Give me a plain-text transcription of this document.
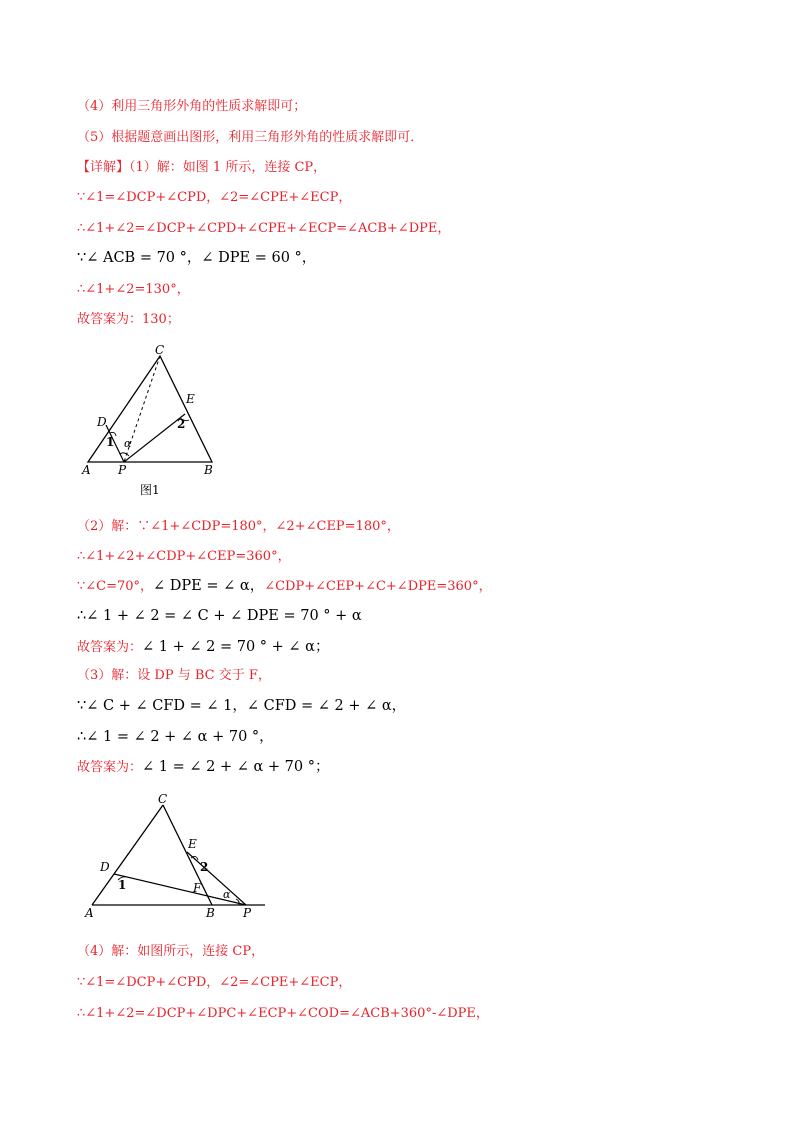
（4）利用三角形外角的性质求解即可；
（5）根据题意画出图形，利用三角形外角的性质求解即可．
【详解】（1）解：如图 1 所示，连接 CP，
∵∠1=∠DCP+∠CPD，∠2=∠CPE+∠ECP，
∴∠1+∠2=∠DCP+∠CPD+∠CPE+∠ECP=∠ACB+∠DPE，
∵∠ ACB = 70 °，∠ DPE = 60 °，
∴∠1+∠2=130°，
故答案为：130；
C
E
D
1
2
α
A P	B
图1
（2）解：∵∠1+∠CDP=180°，∠2+∠CEP=180°，
∴∠1+∠2+∠CDP+∠CEP=360°，
∵∠C=70°，∠ DPE = ∠ α，∠CDP+∠CEP+∠C+∠DPE=360°，
∴∠ 1 + ∠ 2 = ∠ C + ∠ DPE = 70 ° + α
故答案为：∠ 1 + ∠ 2 = 70 ° + ∠ α；
（3）解：设 DP 与 BC 交于 F，
∵∠ C + ∠ CFD = ∠ 1，∠ CFD = ∠ 2 + ∠ α，
∴∠ 1 = ∠ 2 + ∠ α + 70 °，
故答案为：∠ 1 = ∠ 2 + ∠ α + 70 °；
C
E
D
1
2
F α
A	B P
（4）解：如图所示，连接 CP，
∵∠1=∠DCP+∠CPD，∠2=∠CPE+∠ECP，
∴∠1+∠2=∠DCP+∠DPC+∠ECP+∠COD=∠ACB+360°-∠DPE，
